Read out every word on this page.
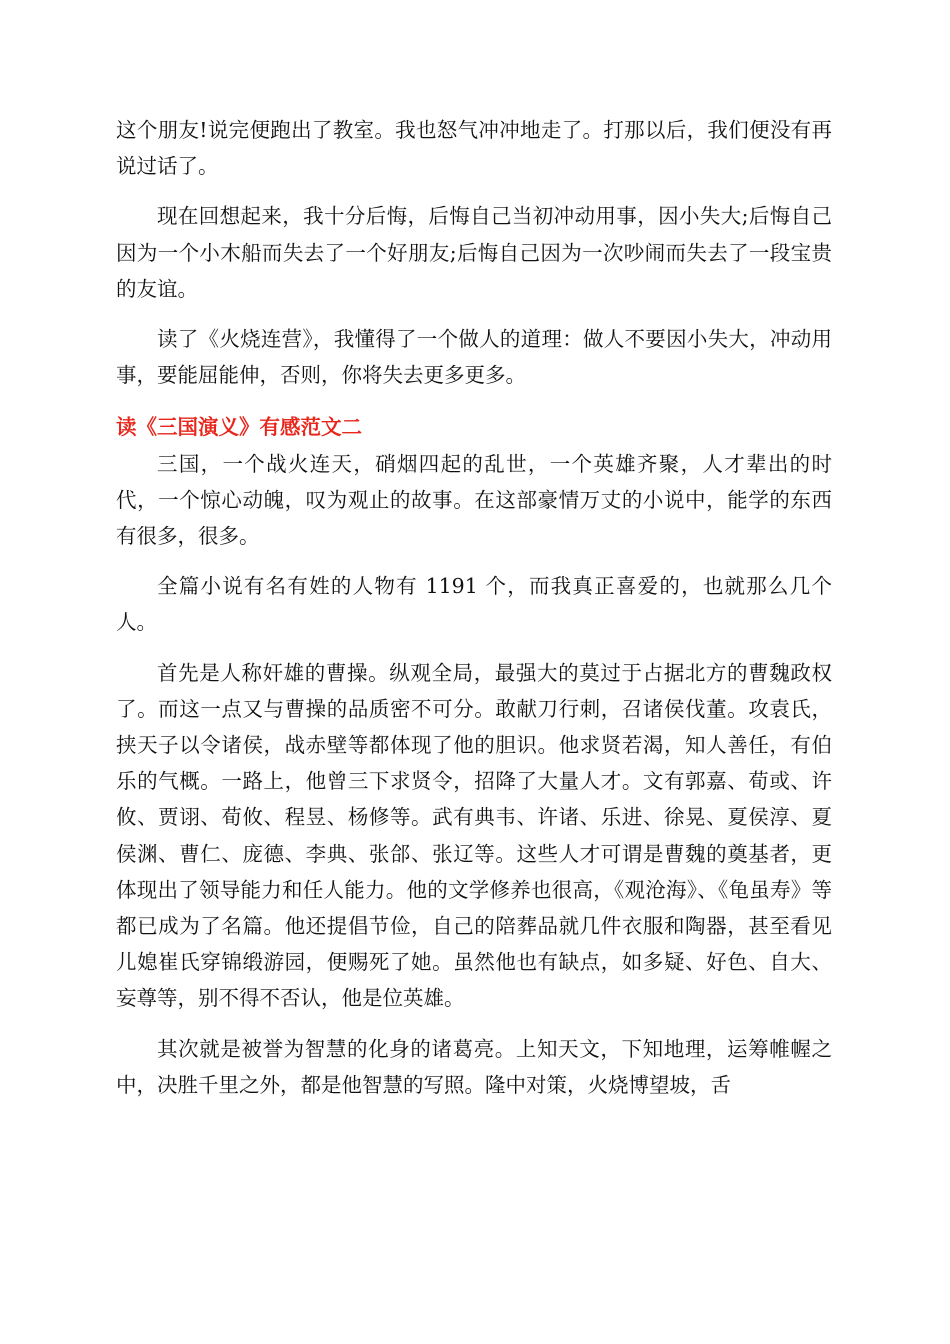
这个朋友!说完便跑出了教室。我也怒气冲冲地走了。打那以后，我们便没有再说过话了。

现在回想起来，我十分后悔，后悔自己当初冲动用事，因小失大;后悔自己因为一个小木船而失去了一个好朋友;后悔自己因为一次吵闹而失去了一段宝贵的友谊。

读了《火烧连营》，我懂得了一个做人的道理：做人不要因小失大，冲动用事，要能屈能伸，否则，你将失去更多更多。

读《三国演义》有感范文二

三国，一个战火连天，硝烟四起的乱世，一个英雄齐聚，人才辈出的时代，一个惊心动魄，叹为观止的故事。在这部豪情万丈的小说中，能学的东西有很多，很多。

全篇小说有名有姓的人物有 1191 个，而我真正喜爱的，也就那么几个人。

首先是人称奸雄的曹操。纵观全局，最强大的莫过于占据北方的曹魏政权了。而这一点又与曹操的品质密不可分。敢献刀行刺，召诸侯伐董。攻袁氏，挟天子以令诸侯，战赤壁等都体现了他的胆识。他求贤若渴，知人善任，有伯乐的气概。一路上，他曾三下求贤令，招降了大量人才。文有郭嘉、荀或、许攸、贾诩、荀攸、程昱、杨修等。武有典韦、许诸、乐进、徐晃、夏侯淳、夏侯渊、曹仁、庞德、李典、张郃、张辽等。这些人才可谓是曹魏的奠基者，更体现出了领导能力和任人能力。他的文学修养也很高，《观沧海》、《龟虽寿》等都已成为了名篇。他还提倡节俭，自己的陪葬品就几件衣服和陶器，甚至看见儿媳崔氏穿锦缎游园，便赐死了她。虽然他也有缺点，如多疑、好色、自大、妄尊等，别不得不否认，他是位英雄。

其次就是被誉为智慧的化身的诸葛亮。上知天文，下知地理，运筹帷幄之中，决胜千里之外，都是他智慧的写照。隆中对策，火烧博望坡，舌
